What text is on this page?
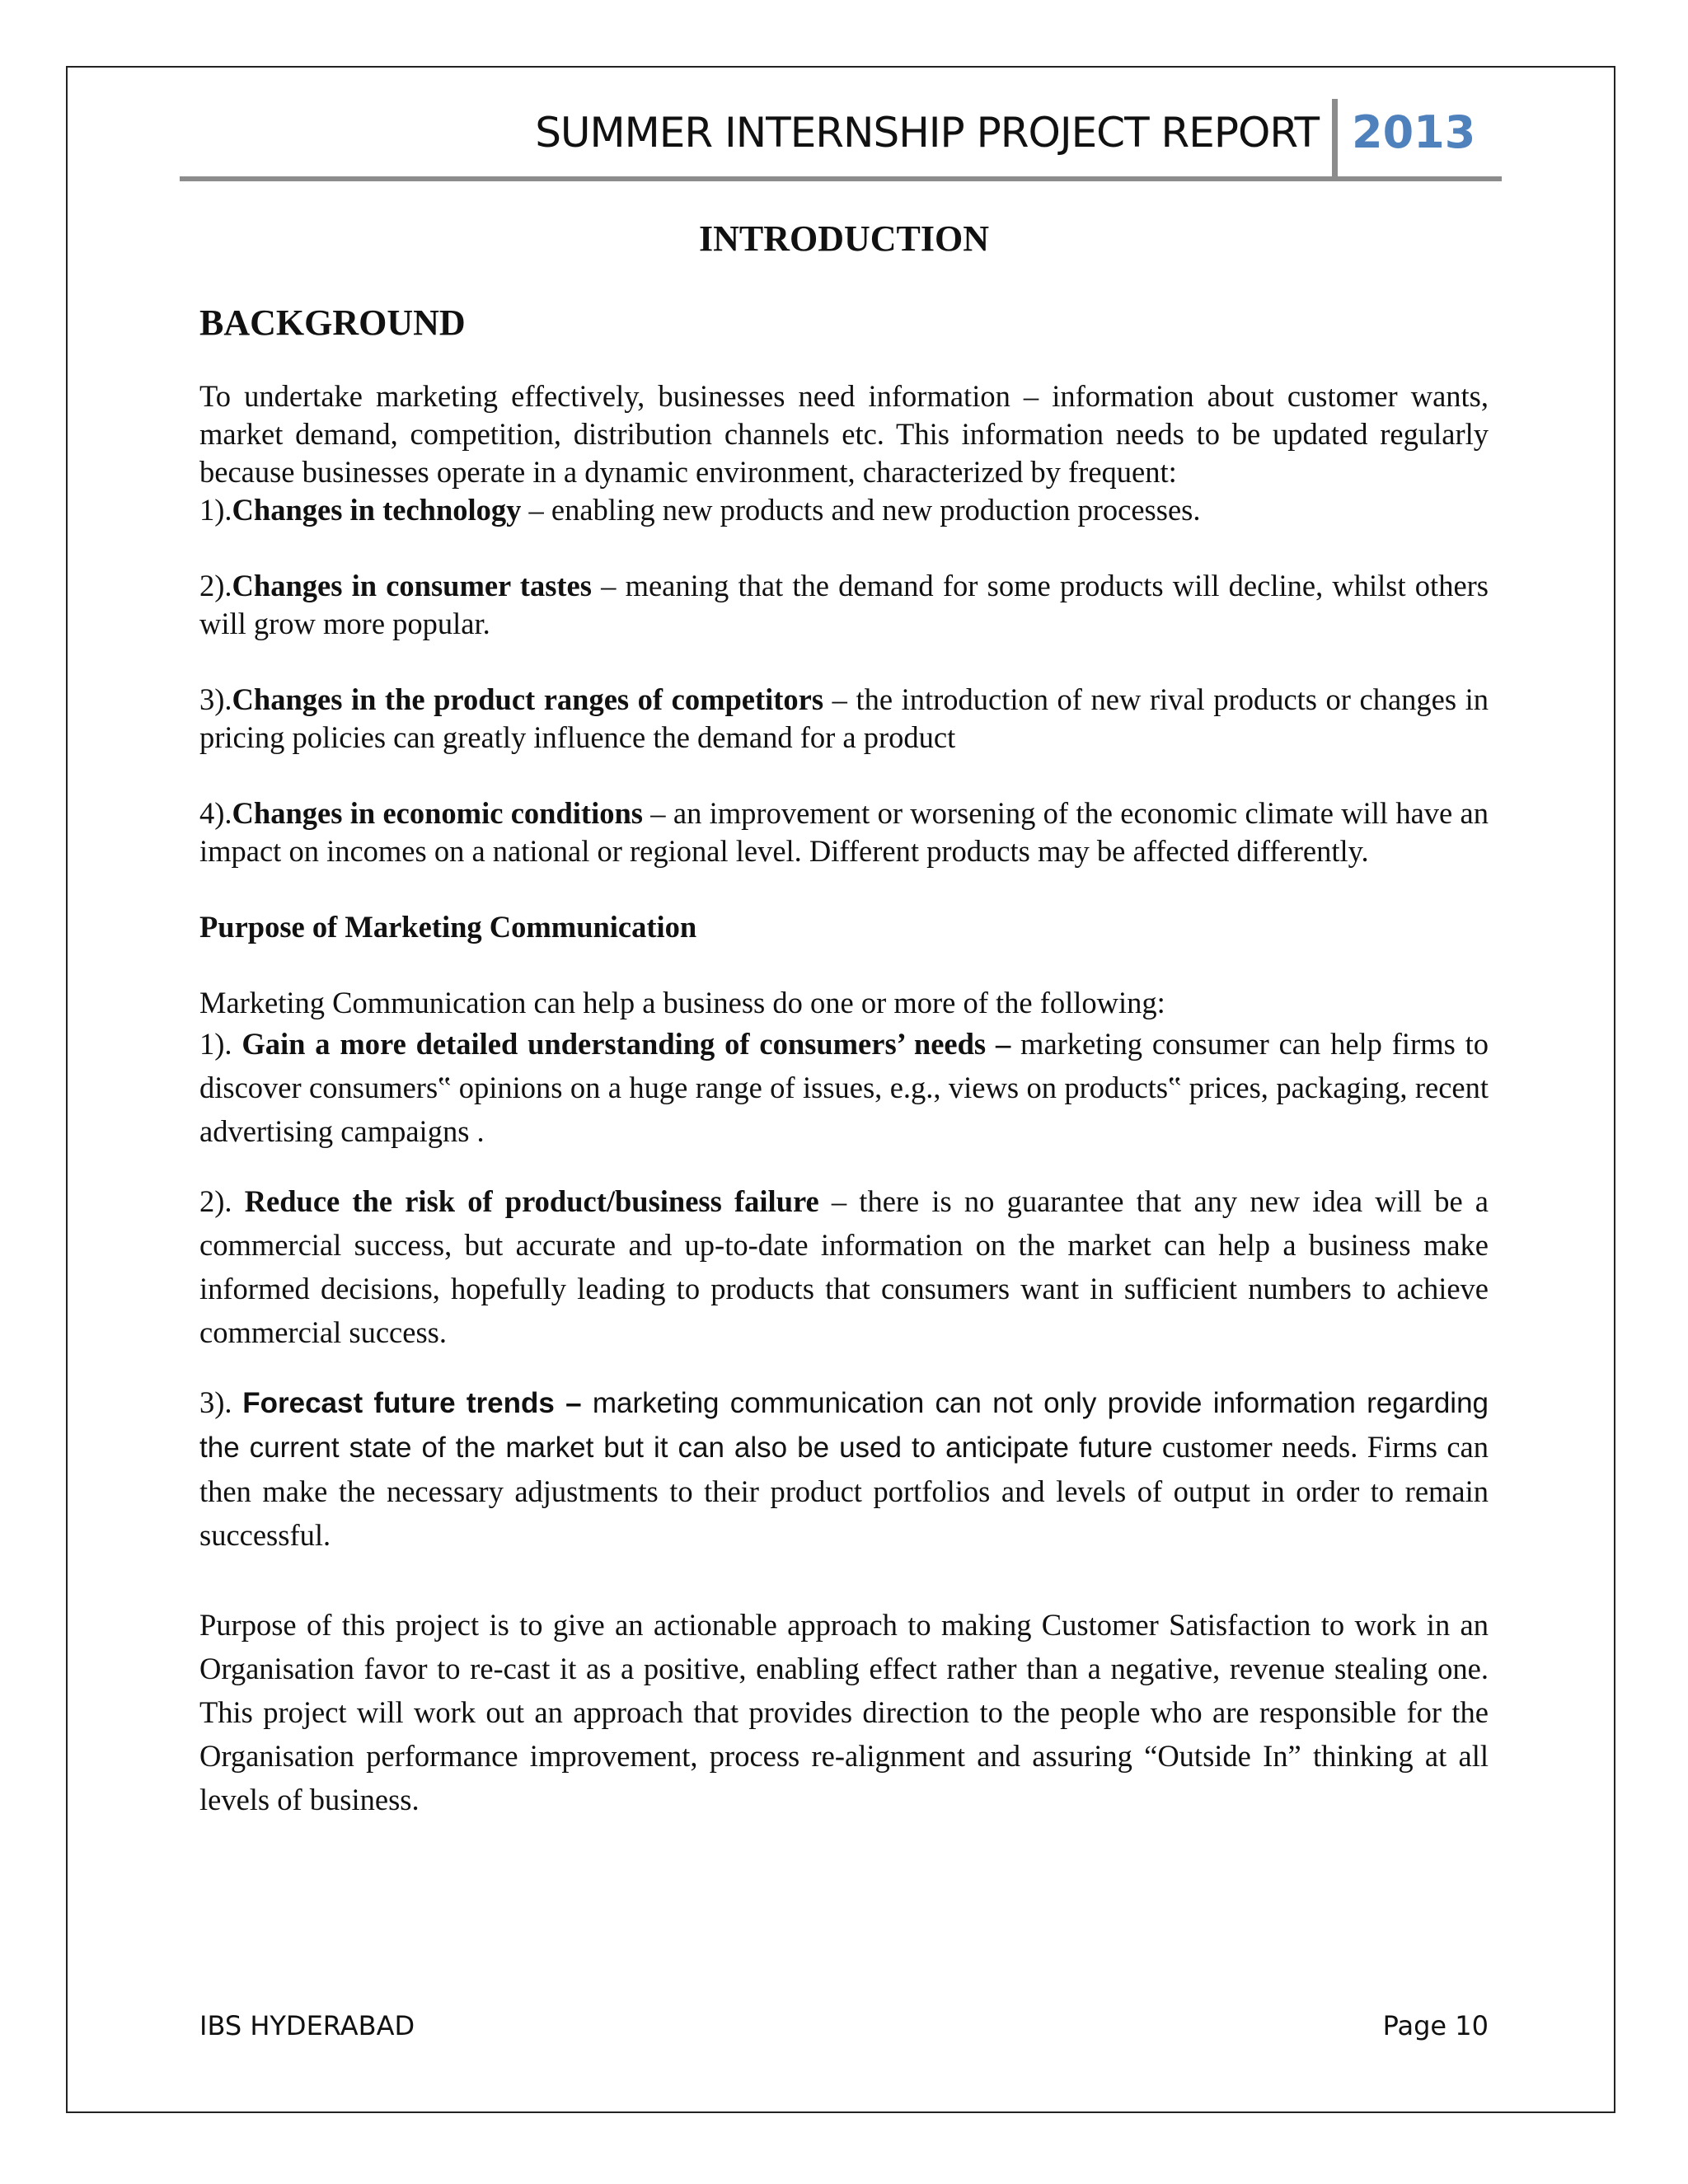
SUMMER INTERNSHIP PROJECT REPORT 2013
INTRODUCTION
BACKGROUND

To undertake marketing effectively, businesses need information – information about customer wants, market demand, competition, distribution channels etc. This information needs to be updated regularly because businesses operate in a dynamic environment, characterized by frequent:

1).Changes in technology – enabling new products and new production processes.

2).Changes in consumer tastes – meaning that the demand for some products will decline, whilst others will grow more popular.

3).Changes in the product ranges of competitors – the introduction of new rival products or changes in pricing policies can greatly influence the demand for a product

4).Changes in economic conditions – an improvement or worsening of the economic climate will have an impact on incomes on a national or regional level. Different products may be affected differently.

Purpose of Marketing Communication

Marketing Communication can help a business do one or more of the following:

1). Gain a more detailed understanding of consumers’ needs – marketing consumer can help firms to discover consumers‟ opinions on a huge range of issues, e.g., views on products‟ prices, packaging, recent advertising campaigns .

2). Reduce the risk of product/business failure – there is no guarantee that any new idea will be a commercial success, but accurate and up-to-date information on the market can help a business make informed decisions, hopefully leading to products that consumers want in sufficient numbers to achieve commercial success.

3). Forecast future trends – marketing communication can not only provide information regarding the current state of the market but it can also be used to anticipate future customer needs. Firms can then make the necessary adjustments to their product portfolios and levels of output in order to remain successful.

Purpose of this project is to give an actionable approach to making Customer Satisfaction to work in an Organisation favor to re-cast it as a positive, enabling effect rather than a negative, revenue stealing one. This project will work out an approach that provides direction to the people who are responsible for the Organisation performance improvement, process re-alignment and assuring “Outside In” thinking at all levels of business.

IBS HYDERABAD	Page 10
